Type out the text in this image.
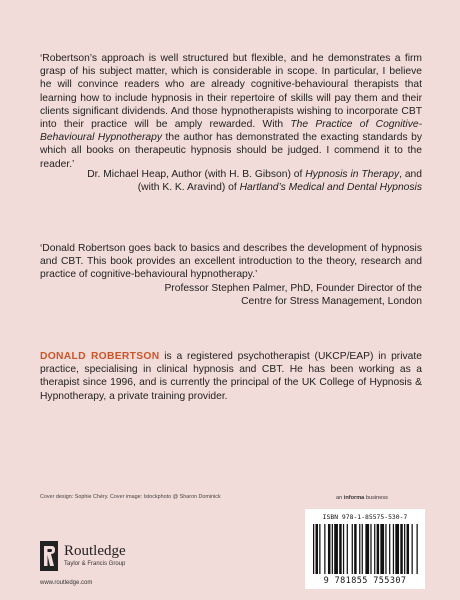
‘Robertson’s approach is well structured but flexible, and he demonstrates a firm grasp of his subject matter, which is considerable in scope. In particular, I believe he will convince readers who are already cognitive-behavioural therapists that learning how to include hypnosis in their repertoire of skills will pay them and their clients significant dividends. And those hypnotherapists wishing to incorporate CBT into their practice will be amply rewarded. With The Practice of Cognitive-Behavioural Hypnotherapy the author has demonstrated the exacting standards by which all books on therapeutic hypnosis should be judged. I commend it to the reader.’

Dr. Michael Heap, Author (with H. B. Gibson) of Hypnosis in Therapy, and
(with K. K. Aravind) of Hartland’s Medical and Dental Hypnosis

‘Donald Robertson goes back to basics and describes the development of hypnosis and CBT. This book provides an excellent introduction to the theory, research and practice of cognitive-behavioural hypnotherapy.’

Professor Stephen Palmer, PhD, Founder Director of the
Centre for Stress Management, London
DONALD ROBERTSON is a registered psychotherapist (UKCP/EAP) in private practice, specialising in clinical hypnosis and CBT. He has been working as a therapist since 1996, and is currently the principal of the UK College of Hypnosis & Hypnotherapy, a private training provider.
Cover design: Sophie Chéry. Cover image: Istockphoto @ Sharon Dominick
Routledge
Taylor & Francis Group
www.routledge.com
an informa business
ISBN 978-1-85575-530-7
9 781855 755307
